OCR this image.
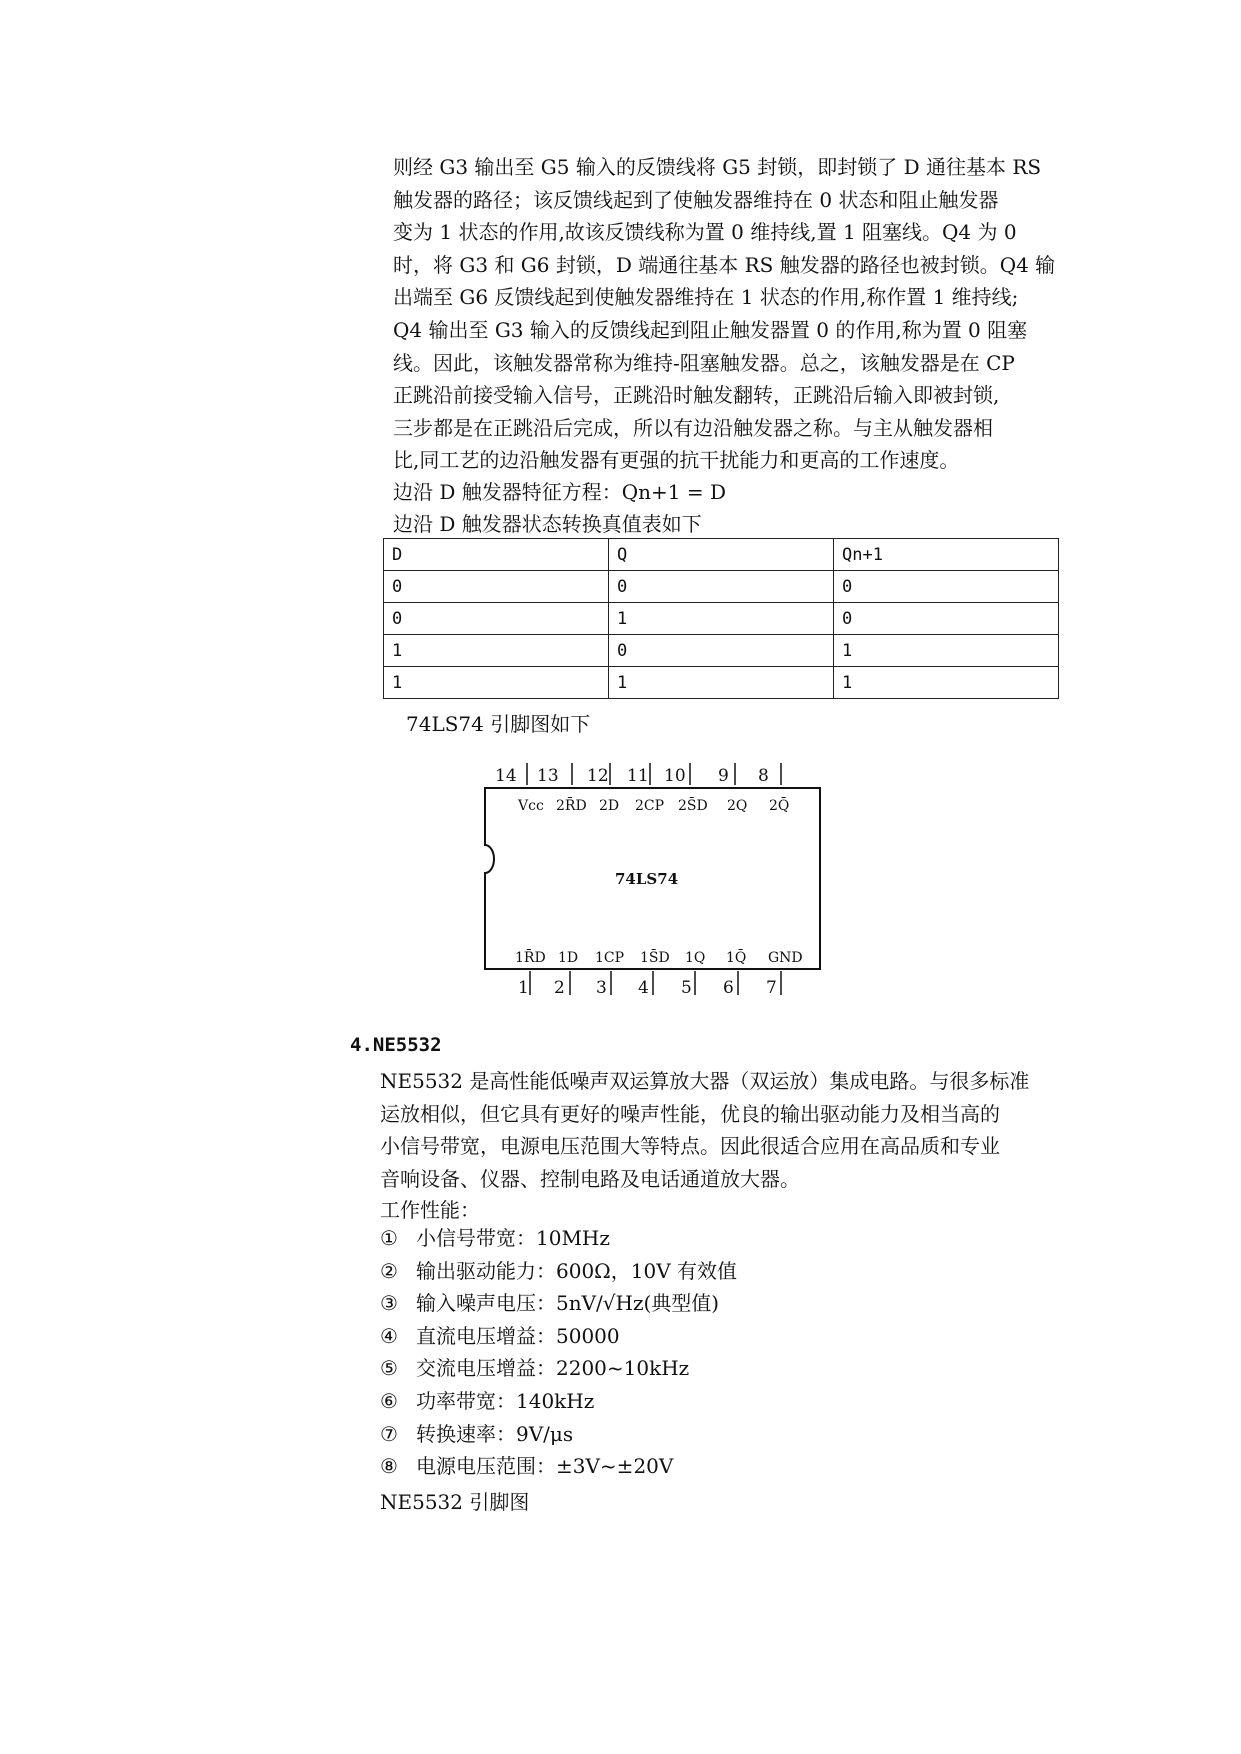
则经 G3 输出至 G5 输入的反馈线将 G5 封锁，即封锁了 D 通往基本 RS
触发器的路径；该反馈线起到了使触发器维持在 0 状态和阻止触发器
变为 1 状态的作用,故该反馈线称为置 0 维持线,置 1 阻塞线。Q4 为 0
时，将 G3 和 G6 封锁，D 端通往基本 RS 触发器的路径也被封锁。Q4 输
出端至 G6 反馈线起到使触发器维持在 1 状态的作用,称作置 1 维持线;
Q4 输出至 G3 输入的反馈线起到阻止触发器置 0 的作用,称为置 0 阻塞
线。因此，该触发器常称为维持-阻塞触发器。总之，该触发器是在 CP
正跳沿前接受输入信号，正跳沿时触发翻转，正跳沿后输入即被封锁,
三步都是在正跳沿后完成，所以有边沿触发器之称。与主从触发器相
比,同工艺的边沿触发器有更强的抗干扰能力和更高的工作速度。
边沿 D 触发器特征方程：Qn+1 = D
边沿 D 触发器状态转换真值表如下
D	Q	Qn+1
0	0	0
0	1	0
1	0	1
1	1	1
74LS74 引脚图如下
14 13 12 11 10 9 8
Vcc 2R̄D 2D 2CP 2S̄D 2Q 2Q̄
74LS74
1R̄D 1D 1CP 1S̄D 1Q 1Q̄ GND
1 2 3 4 5 6 7
4.NE5532
NE5532 是高性能低噪声双运算放大器（双运放）集成电路。与很多标准
运放相似，但它具有更好的噪声性能，优良的输出驱动能力及相当高的
小信号带宽，电源电压范围大等特点。因此很适合应用在高品质和专业
音响设备、仪器、控制电路及电话通道放大器。
工作性能：
① 小信号带宽：10MHz
② 输出驱动能力：600Ω，10V 有效值
③ 输入噪声电压：5nV/√Hz(典型值)
④ 直流电压增益：50000
⑤ 交流电压增益：2200~10kHz
⑥ 功率带宽：140kHz
⑦ 转换速率：9V/μs
⑧ 电源电压范围：±3V~±20V
NE5532 引脚图
